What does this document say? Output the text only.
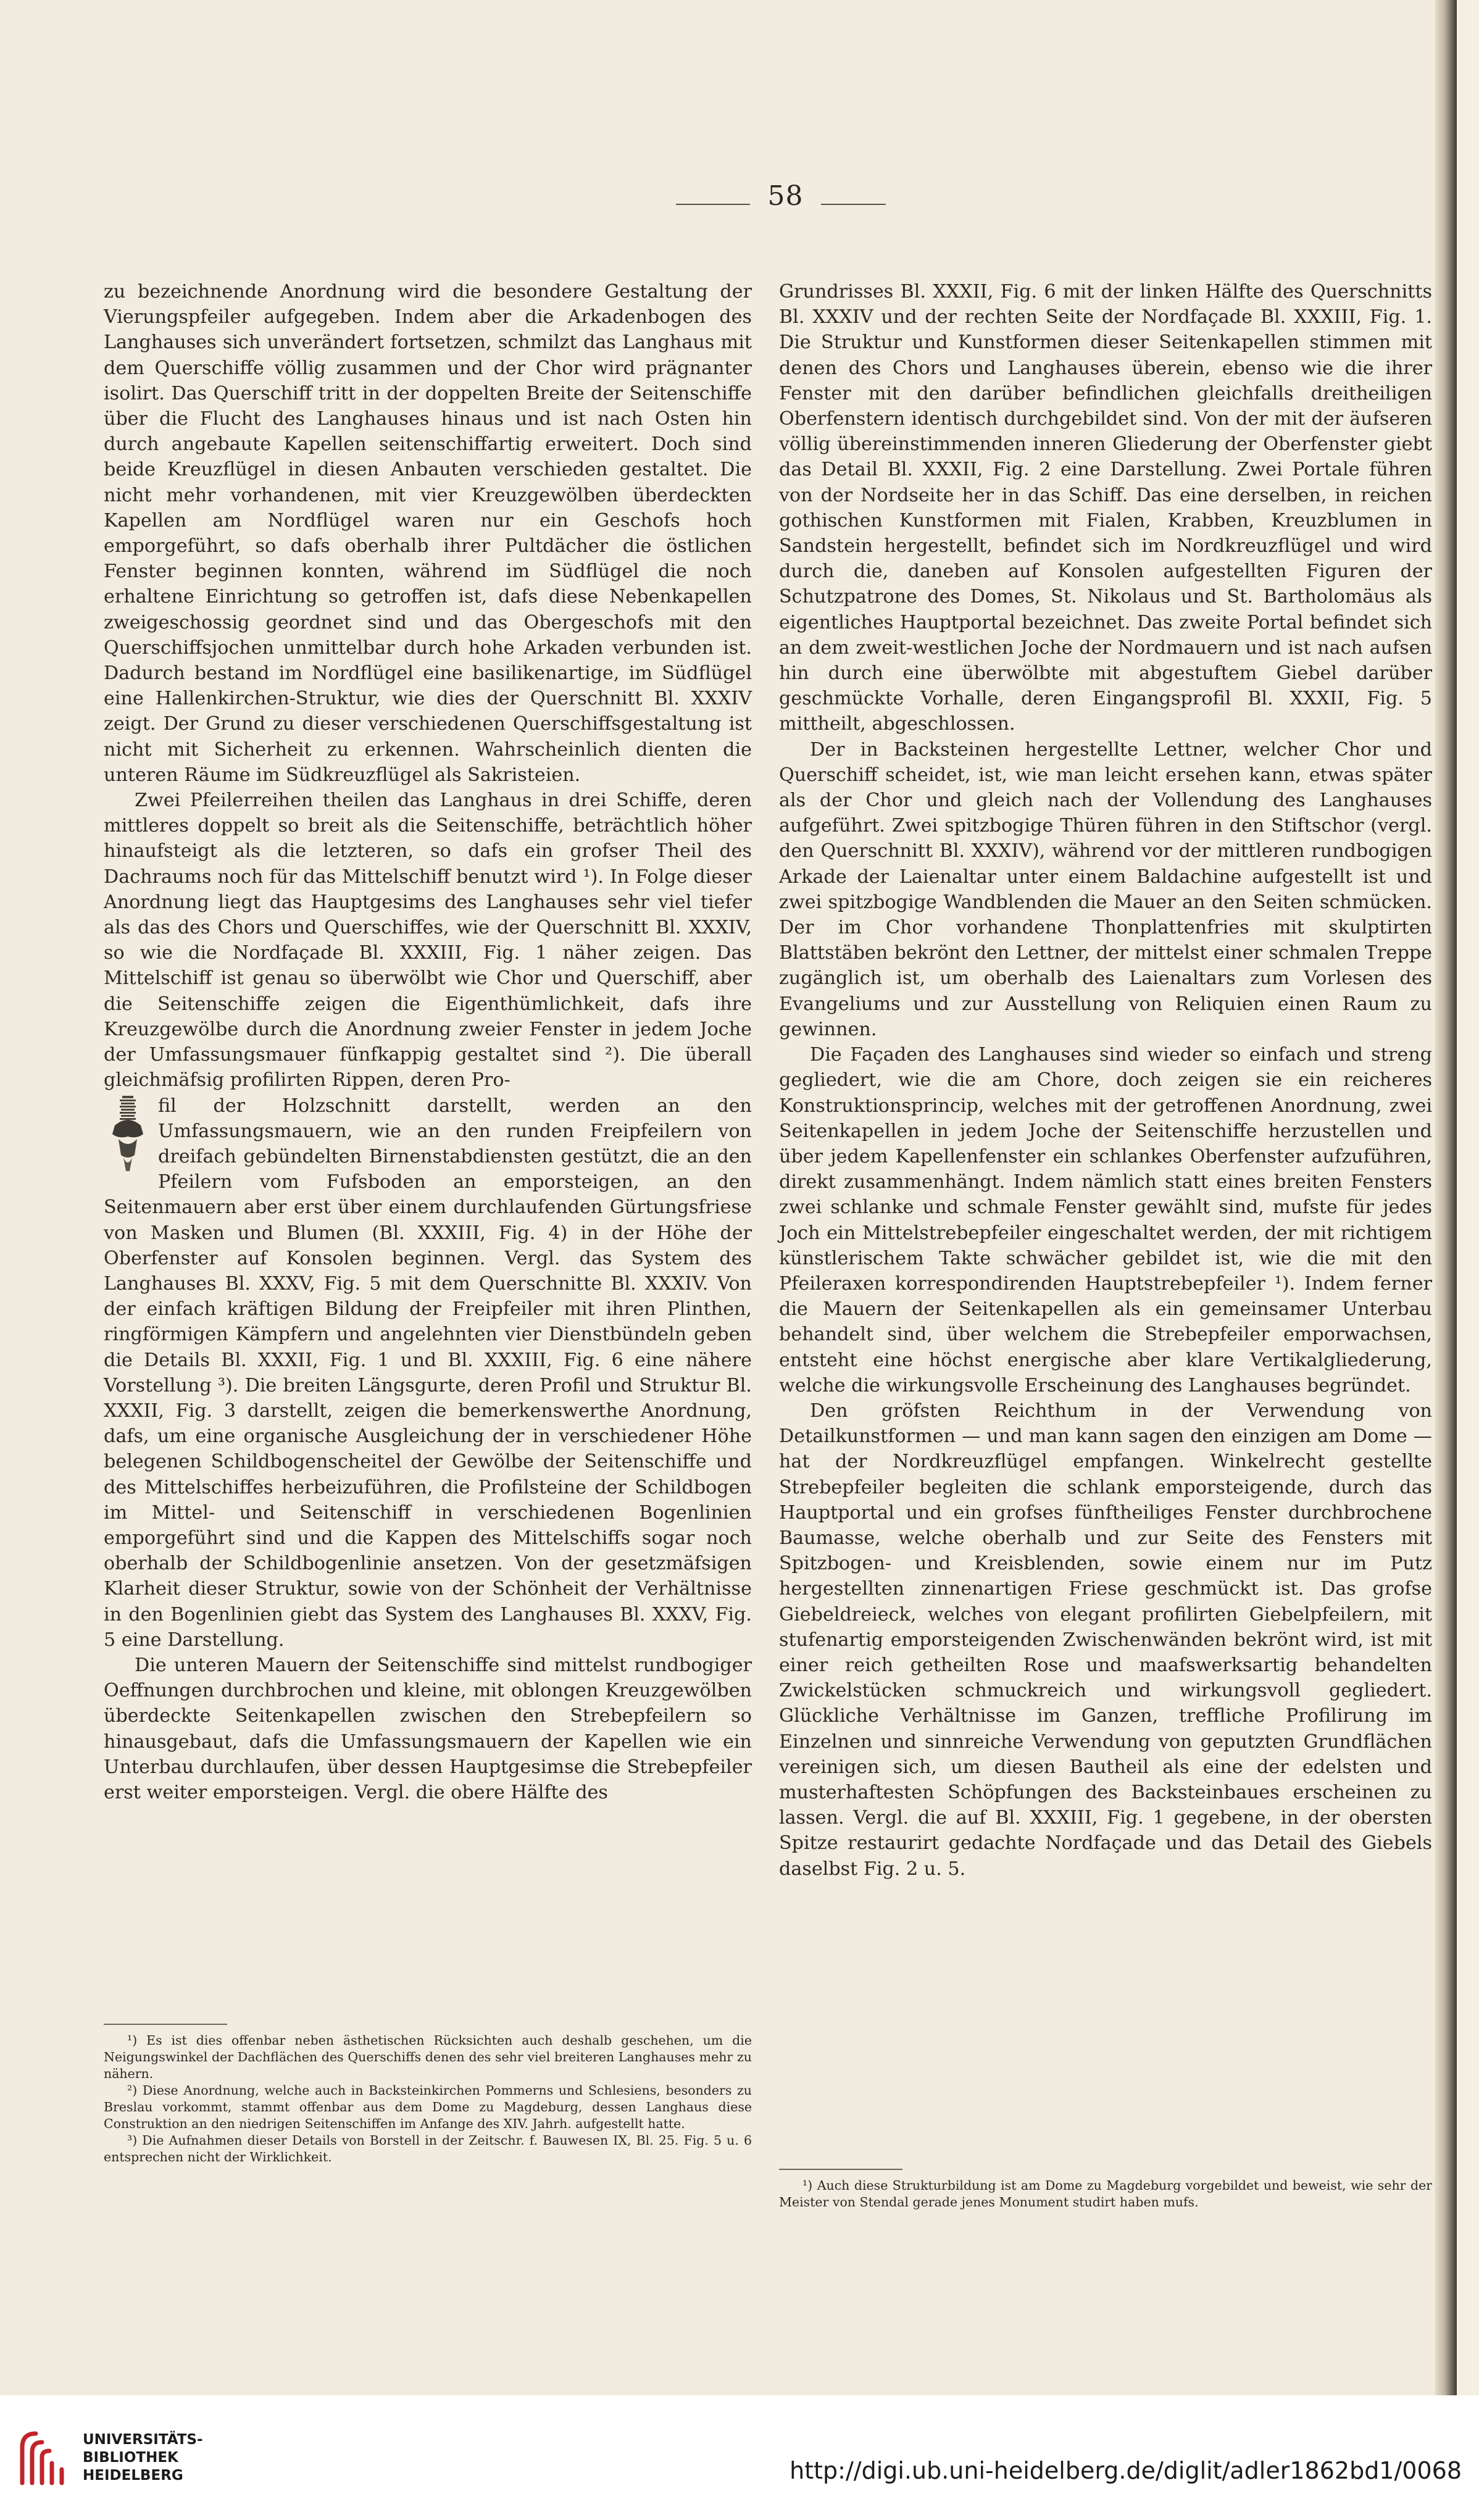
58

zu bezeichnende Anordnung wird die besondere Gestaltung der Vierungspfeiler aufgegeben. Indem aber die Arkadenbogen des Langhauses sich unverändert fortsetzen, schmilzt das Langhaus mit dem Querschiffe völlig zusammen und der Chor wird prägnanter isolirt. Das Querschiff tritt in der doppelten Breite der Seitenschiffe über die Flucht des Langhauses hinaus und ist nach Osten hin durch angebaute Kapellen seitenschiffartig erweitert. Doch sind beide Kreuzflügel in diesen Anbauten verschieden gestaltet. Die nicht mehr vorhandenen, mit vier Kreuzgewölben überdeckten Kapellen am Nordflügel waren nur ein Geschofs hoch emporgeführt, so dafs oberhalb ihrer Pultdächer die östlichen Fenster beginnen konnten, während im Südflügel die noch erhaltene Einrichtung so getroffen ist, dafs diese Nebenkapellen zweigeschossig geordnet sind und das Obergeschofs mit den Querschiffsjochen unmittelbar durch hohe Arkaden verbunden ist. Dadurch bestand im Nordflügel eine basilikenartige, im Südflügel eine Hallenkirchen-Struktur, wie dies der Querschnitt Bl. XXXIV zeigt. Der Grund zu dieser verschiedenen Querschiffsgestaltung ist nicht mit Sicherheit zu erkennen. Wahrscheinlich dienten die unteren Räume im Südkreuzflügel als Sakristeien.

Zwei Pfeilerreihen theilen das Langhaus in drei Schiffe, deren mittleres doppelt so breit als die Seitenschiffe, beträchtlich höher hinaufsteigt als die letzteren, so dafs ein grofser Theil des Dachraums noch für das Mittelschiff benutzt wird ¹). In Folge dieser Anordnung liegt das Hauptgesims des Langhauses sehr viel tiefer als das des Chors und Querschiffes, wie der Querschnitt Bl. XXXIV, so wie die Nordfaçade Bl. XXXIII, Fig. 1 näher zeigen. Das Mittelschiff ist genau so überwölbt wie Chor und Querschiff, aber die Seitenschiffe zeigen die Eigenthümlichkeit, dafs ihre Kreuzgewölbe durch die Anordnung zweier Fenster in jedem Joche der Umfassungsmauer fünfkappig gestaltet sind ²). Die überall gleichmäfsig profilirten Rippen, deren Pro-

fil der Holzschnitt darstellt, werden an den Umfassungsmauern, wie an den runden Freipfeilern von dreifach gebündelten Birnenstabdiensten gestützt, die an den Pfeilern vom Fufsboden an emporsteigen, an den Seitenmauern aber erst über einem durchlaufenden Gürtungsfriese von Masken und Blumen (Bl. XXXIII, Fig. 4) in der Höhe der Oberfenster auf Konsolen beginnen. Vergl. das System des Langhauses Bl. XXXV, Fig. 5 mit dem Querschnitte Bl. XXXIV. Von der einfach kräftigen Bildung der Freipfeiler mit ihren Plinthen, ringförmigen Kämpfern und angelehnten vier Dienstbündeln geben die Details Bl. XXXII, Fig. 1 und Bl. XXXIII, Fig. 6 eine nähere Vorstellung ³). Die breiten Längsgurte, deren Profil und Struktur Bl. XXXII, Fig. 3 darstellt, zeigen die bemerkenswerthe Anordnung, dafs, um eine organische Ausgleichung der in verschiedener Höhe belegenen Schildbogenscheitel der Gewölbe der Seitenschiffe und des Mittelschiffes herbeizuführen, die Profilsteine der Schildbogen im Mittel- und Seitenschiff in verschiedenen Bogenlinien emporgeführt sind und die Kappen des Mittelschiffs sogar noch oberhalb der Schildbogenlinie ansetzen. Von der gesetzmäfsigen Klarheit dieser Struktur, sowie von der Schönheit der Verhältnisse in den Bogenlinien giebt das System des Langhauses Bl. XXXV, Fig. 5 eine Darstellung.

Die unteren Mauern der Seitenschiffe sind mittelst rundbogiger Oeffnungen durchbrochen und kleine, mit oblongen Kreuzgewölben überdeckte Seitenkapellen zwischen den Strebepfeilern so hinausgebaut, dafs die Umfassungsmauern der Kapellen wie ein Unterbau durchlaufen, über dessen Hauptgesimse die Strebepfeiler erst weiter emporsteigen. Vergl. die obere Hälfte des

¹) Es ist dies offenbar neben ästhetischen Rücksichten auch deshalb geschehen, um die Neigungswinkel der Dachflächen des Querschiffs denen des sehr viel breiteren Langhauses mehr zu nähern.

²) Diese Anordnung, welche auch in Backsteinkirchen Pommerns und Schlesiens, besonders zu Breslau vorkommt, stammt offenbar aus dem Dome zu Magdeburg, dessen Langhaus diese Construktion an den niedrigen Seitenschiffen im Anfange des XIV. Jahrh. aufgestellt hatte.

³) Die Aufnahmen dieser Details von Borstell in der Zeitschr. f. Bauwesen IX, Bl. 25. Fig. 5 u. 6 entsprechen nicht der Wirklichkeit.

Grundrisses Bl. XXXII, Fig. 6 mit der linken Hälfte des Querschnitts Bl. XXXIV und der rechten Seite der Nordfaçade Bl. XXXIII, Fig. 1. Die Struktur und Kunstformen dieser Seitenkapellen stimmen mit denen des Chors und Langhauses überein, ebenso wie die ihrer Fenster mit den darüber befindlichen gleichfalls dreitheiligen Oberfenstern identisch durchgebildet sind. Von der mit der äufseren völlig übereinstimmenden inneren Gliederung der Oberfenster giebt das Detail Bl. XXXII, Fig. 2 eine Darstellung. Zwei Portale führen von der Nordseite her in das Schiff. Das eine derselben, in reichen gothischen Kunstformen mit Fialen, Krabben, Kreuzblumen in Sandstein hergestellt, befindet sich im Nordkreuzflügel und wird durch die, daneben auf Konsolen aufgestellten Figuren der Schutzpatrone des Domes, St. Nikolaus und St. Bartholomäus als eigentliches Hauptportal bezeichnet. Das zweite Portal befindet sich an dem zweit-westlichen Joche der Nordmauern und ist nach aufsen hin durch eine überwölbte mit abgestuftem Giebel darüber geschmückte Vorhalle, deren Eingangsprofil Bl. XXXII, Fig. 5 mittheilt, abgeschlossen.

Der in Backsteinen hergestellte Lettner, welcher Chor und Querschiff scheidet, ist, wie man leicht ersehen kann, etwas später als der Chor und gleich nach der Vollendung des Langhauses aufgeführt. Zwei spitzbogige Thüren führen in den Stiftschor (vergl. den Querschnitt Bl. XXXIV), während vor der mittleren rundbogigen Arkade der Laienaltar unter einem Baldachine aufgestellt ist und zwei spitzbogige Wandblenden die Mauer an den Seiten schmücken. Der im Chor vorhandene Thonplattenfries mit skulptirten Blattstäben bekrönt den Lettner, der mittelst einer schmalen Treppe zugänglich ist, um oberhalb des Laienaltars zum Vorlesen des Evangeliums und zur Ausstellung von Reliquien einen Raum zu gewinnen.

Die Façaden des Langhauses sind wieder so einfach und streng gegliedert, wie die am Chore, doch zeigen sie ein reicheres Konstruktionsprincip, welches mit der getroffenen Anordnung, zwei Seitenkapellen in jedem Joche der Seitenschiffe herzustellen und über jedem Kapellenfenster ein schlankes Oberfenster aufzuführen, direkt zusammenhängt. Indem nämlich statt eines breiten Fensters zwei schlanke und schmale Fenster gewählt sind, mufste für jedes Joch ein Mittelstrebepfeiler eingeschaltet werden, der mit richtigem künstlerischem Takte schwächer gebildet ist, wie die mit den Pfeileraxen korrespondirenden Hauptstrebepfeiler ¹). Indem ferner die Mauern der Seitenkapellen als ein gemeinsamer Unterbau behandelt sind, über welchem die Strebepfeiler emporwachsen, entsteht eine höchst energische aber klare Vertikalgliederung, welche die wirkungsvolle Erscheinung des Langhauses begründet.

Den gröfsten Reichthum in der Verwendung von Detailkunstformen — und man kann sagen den einzigen am Dome — hat der Nordkreuzflügel empfangen. Winkelrecht gestellte Strebepfeiler begleiten die schlank emporsteigende, durch das Hauptportal und ein grofses fünftheiliges Fenster durchbrochene Baumasse, welche oberhalb und zur Seite des Fensters mit Spitzbogen- und Kreisblenden, sowie einem nur im Putz hergestellten zinnenartigen Friese geschmückt ist. Das grofse Giebeldreieck, welches von elegant profilirten Giebelpfeilern, mit stufenartig emporsteigenden Zwischenwänden bekrönt wird, ist mit einer reich getheilten Rose und maafswerksartig behandelten Zwickelstücken schmuckreich und wirkungsvoll gegliedert. Glückliche Verhältnisse im Ganzen, treffliche Profilirung im Einzelnen und sinnreiche Verwendung von geputzten Grundflächen vereinigen sich, um diesen Bautheil als eine der edelsten und musterhaftesten Schöpfungen des Backsteinbaues erscheinen zu lassen. Vergl. die auf Bl. XXXIII, Fig. 1 gegebene, in der obersten Spitze restaurirt gedachte Nordfaçade und das Detail des Giebels daselbst Fig. 2 u. 5.

¹) Auch diese Strukturbildung ist am Dome zu Magdeburg vorgebildet und beweist, wie sehr der Meister von Stendal gerade jenes Monument studirt haben mufs.

UNIVERSITÄTS-
BIBLIOTHEK
HEIDELBERG	http://digi.ub.uni-heidelberg.de/diglit/adler1862bd1/0068
